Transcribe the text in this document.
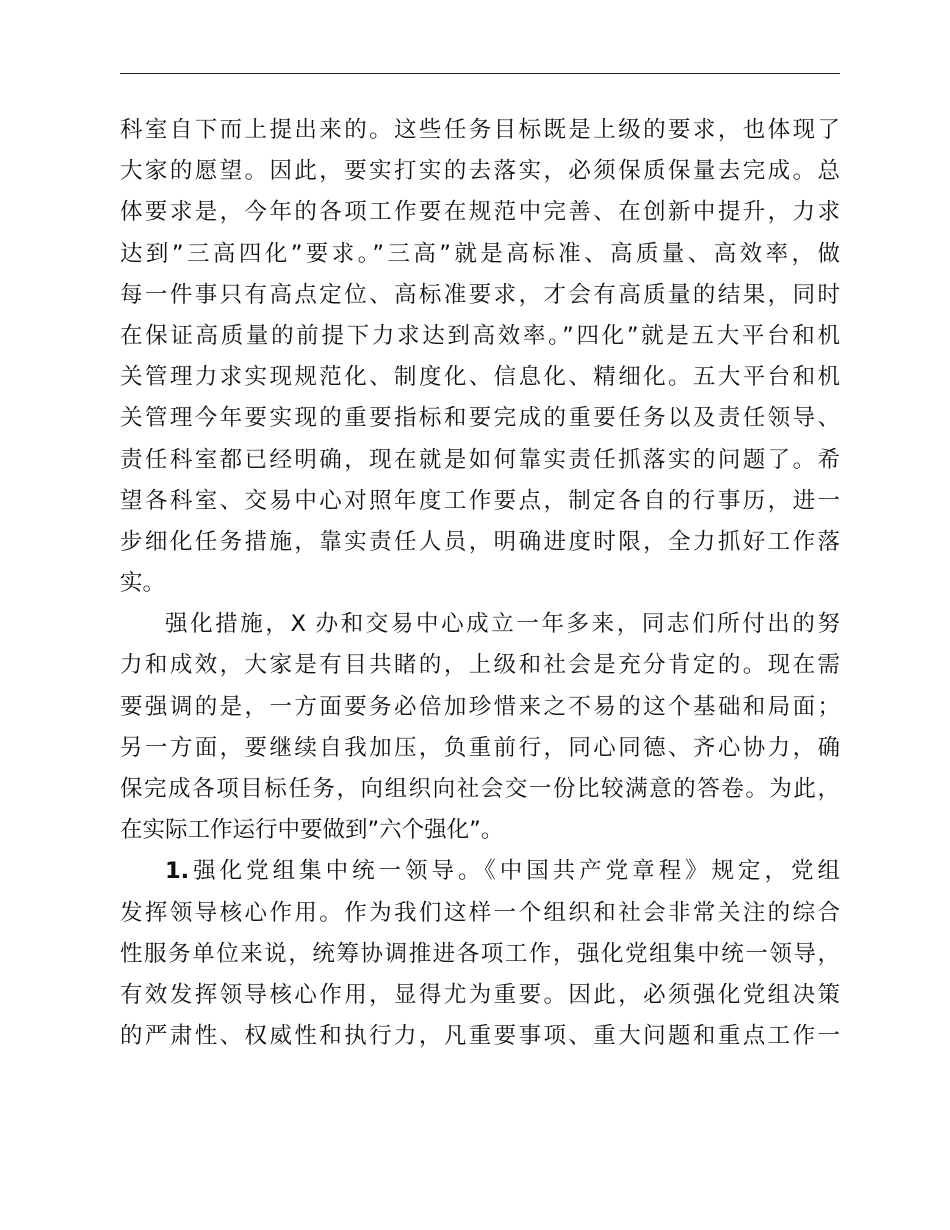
科室自下而上提出来的。这些任务目标既是上级的要求，也体现了
大家的愿望。因此，要实打实的去落实，必须保质保量去完成。总
体要求是，今年的各项工作要在规范中完善、在创新中提升，力求
达到”三高四化”要求。”三高”就是高标准、高质量、高效率，做
每一件事只有高点定位、高标准要求，才会有高质量的结果，同时
在保证高质量的前提下力求达到高效率。”四化”就是五大平台和机
关管理力求实现规范化、制度化、信息化、精细化。五大平台和机
关管理今年要实现的重要指标和要完成的重要任务以及责任领导、
责任科室都已经明确，现在就是如何靠实责任抓落实的问题了。希
望各科室、交易中心对照年度工作要点，制定各自的行事历，进一
步细化任务措施，靠实责任人员，明确进度时限，全力抓好工作落
实。
强化措施，X 办和交易中心成立一年多来，同志们所付出的努
力和成效，大家是有目共睹的，上级和社会是充分肯定的。现在需
要强调的是，一方面要务必倍加珍惜来之不易的这个基础和局面；
另一方面，要继续自我加压，负重前行，同心同德、齐心协力，确
保完成各项目标任务，向组织向社会交一份比较满意的答卷。为此，
在实际工作运行中要做到”六个强化”。
1.强化党组集中统一领导。《中国共产党章程》规定，党组
发挥领导核心作用。作为我们这样一个组织和社会非常关注的综合
性服务单位来说，统筹协调推进各项工作，强化党组集中统一领导，
有效发挥领导核心作用，显得尤为重要。因此，必须强化党组决策
的严肃性、权威性和执行力，凡重要事项、重大问题和重点工作一
